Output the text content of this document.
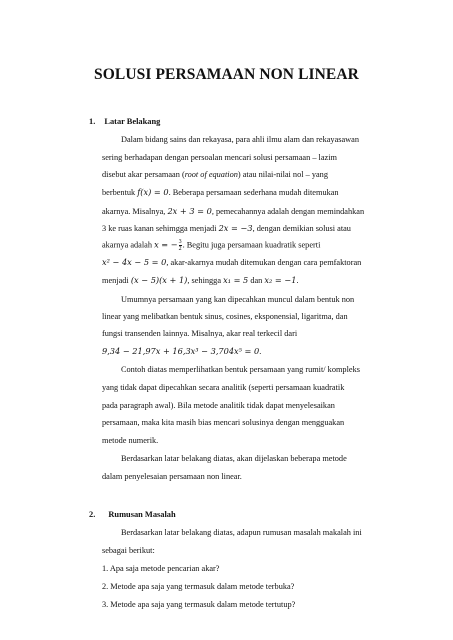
SOLUSI PERSAMAAN NON LINEAR
1. Latar Belakang
Dalam bidang sains dan rekayasa, para ahli ilmu alam dan rekayasawan
sering berhadapan dengan persoalan mencari solusi persamaan – lazim
disebut akar persamaan (root of equation) atau nilai-nilai nol – yang
berbentuk f(x) = 0. Beberapa persamaan sederhana mudah ditemukan
akarnya. Misalnya, 2x + 3 = 0, pemecahannya adalah dengan memindahkan
3 ke ruas kanan sehimgga menjadi 2x = −3, dengan demikian solusi atau
akarnya adalah x = − $\frac{3}{2}$ . Begitu juga persamaan kuadratik seperti
x² − 4x − 5 = 0, akar-akarnya mudah ditemukan dengan cara pemfaktoran
menjadi (x − 5)(x + 1), sehingga x₁ = 5 dan x₂ = −1.
Umumnya persamaan yang kan dipecahkan muncul dalam bentuk non
linear yang melibatkan bentuk sinus, cosines, eksponensial, ligaritma, dan
fungsi transenden lainnya. Misalnya, akar real terkecil dari
9,34 − 21,97x + 16,3x³ − 3,704x⁵ = 0.
Contoh diatas memperlihatkan bentuk persamaan yang rumit/ kompleks
yang tidak dapat dipecahkan secara analitik (seperti persamaan kuadratik
pada paragraph awal). Bila metode analitik tidak dapat menyelesaikan
persamaan, maka kita masih bias mencari solusinya dengan mengguakan
metode numerik.
Berdasarkan latar belakang diatas, akan dijelaskan beberapa metode
dalam penyelesaian persamaan non linear.
2. Rumusan Masalah
Berdasarkan latar belakang diatas, adapun rumusan masalah makalah ini
sebagai berikut:
1. Apa saja metode pencarian akar?
2. Metode apa saja yang termasuk dalam metode terbuka?
3. Metode apa saja yang termasuk dalam metode tertutup?
